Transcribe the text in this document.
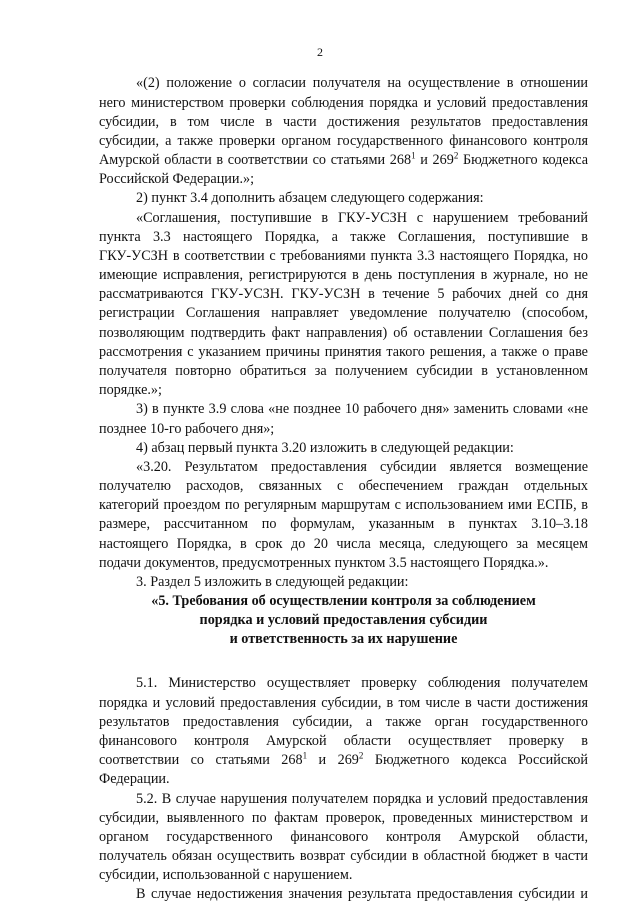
2
«(2) положение о согласии получателя на осуществление в отношении
него министерством проверки соблюдения порядка и условий предоставления
субсидии, в том числе в части достижения результатов предоставления
субсидии, а также проверки органом государственного финансового контроля
Амурской области в соответствии со статьями $268^1$ и $269^2$ Бюджетного кодекса
Российской Федерации.»;
2) пункт 3.4 дополнить абзацем следующего содержания:
«Соглашения, поступившие в ГКУ-УСЗН с нарушением требований
пункта 3.3 настоящего Порядка, а также Соглашения, поступившие в
ГКУ-УСЗН в соответствии с требованиями пункта 3.3 настоящего Порядка, но
имеющие исправления, регистрируются в день поступления в журнале, но не
рассматриваются ГКУ-УСЗН. ГКУ-УСЗН в течение 5 рабочих дней со дня
регистрации Соглашения направляет уведомление получателю (способом,
позволяющим подтвердить факт направления) об оставлении Соглашения без
рассмотрения с указанием причины принятия такого решения, а также о праве
получателя повторно обратиться за получением субсидии в установленном
порядке.»;
3) в пункте 3.9 слова «не позднее 10 рабочего дня» заменить словами «не
позднее 10-го рабочего дня»;
4) абзац первый пункта 3.20 изложить в следующей редакции:
«3.20. Результатом предоставления субсидии является возмещение
получателю расходов, связанных с обеспечением граждан отдельных
категорий проездом по регулярным маршрутам с использованием ими ЕСПБ, в
размере, рассчитанном по формулам, указанным в пунктах 3.10–3.18
настоящего Порядка, в срок до 20 числа месяца, следующего за месяцем
подачи документов, предусмотренных пунктом 3.5 настоящего Порядка.».
3. Раздел 5 изложить в следующей редакции:
«5. Требования об осуществлении контроля за соблюдением
порядка и условий предоставления субсидии
и ответственность за их нарушение
5.1. Министерство осуществляет проверку соблюдения получателем
порядка и условий предоставления субсидии, в том числе в части достижения
результатов предоставления субсидии, а также орган государственного
финансового контроля Амурской области осуществляет проверку в
соответствии со статьями $268^1$ и $269^2$ Бюджетного кодекса Российской
Федерации.
5.2. В случае нарушения получателем порядка и условий предоставления
субсидии, выявленного по фактам проверок, проведенных министерством и
органом государственного финансового контроля Амурской области,
получатель обязан осуществить возврат субсидии в областной бюджет в части
субсидии, использованной с нарушением.
В случае недостижения значения результата предоставления субсидии и
